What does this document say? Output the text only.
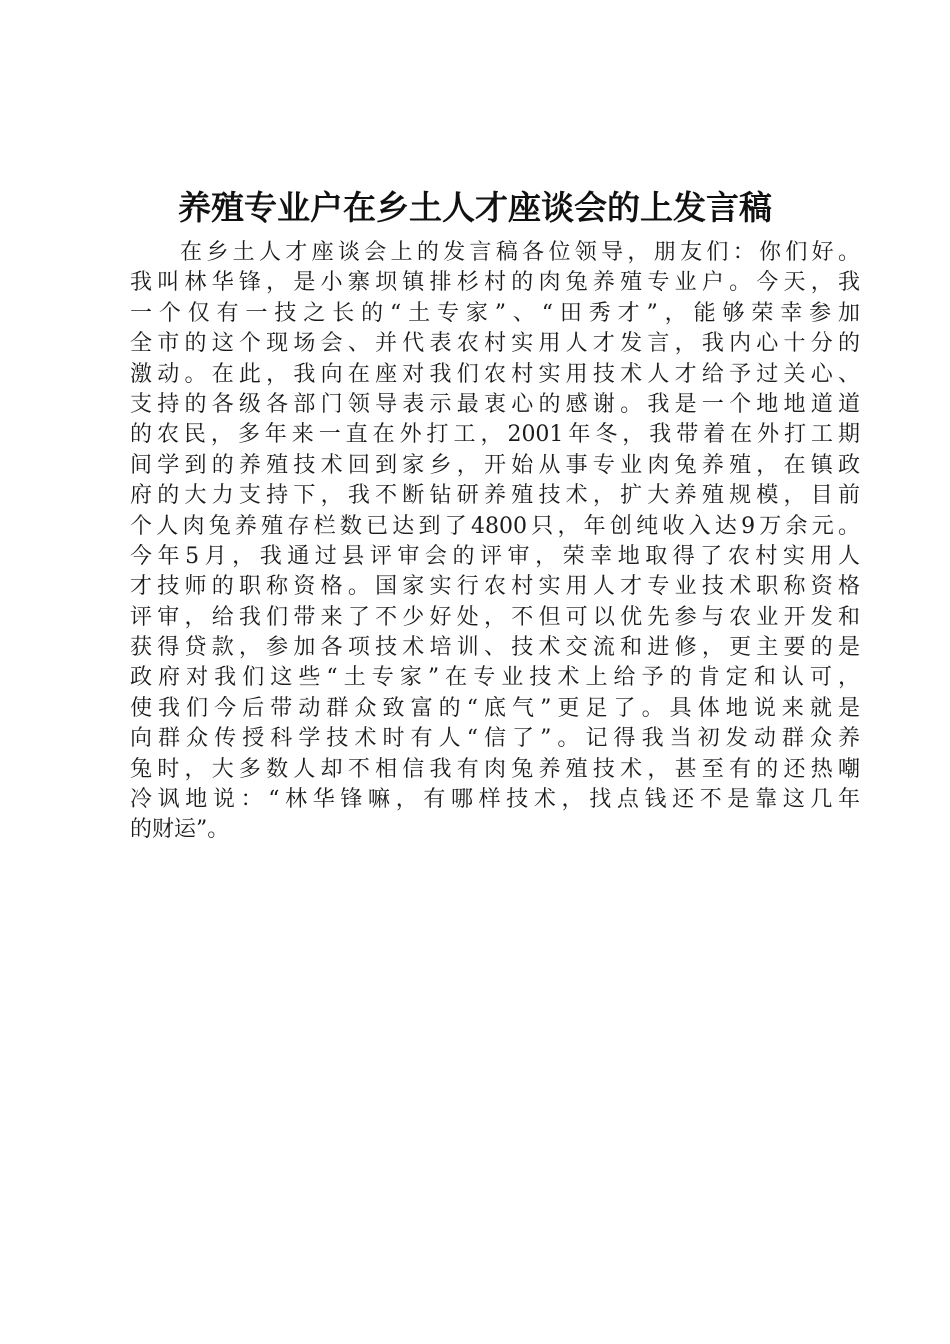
养殖专业户在乡土人才座谈会的上发言稿
在乡土人才座谈会上的发言稿各位领导，朋友们：你们好。
我叫林华锋，是小寨坝镇排杉村的肉兔养殖专业户。今天，我
一个仅有一技之长的“土专家”、“田秀才”，能够荣幸参加
全市的这个现场会、并代表农村实用人才发言，我内心十分的
激动。在此，我向在座对我们农村实用技术人才给予过关心、
支持的各级各部门领导表示最衷心的感谢。我是一个地地道道
的农民，多年来一直在外打工，2001年冬，我带着在外打工期
间学到的养殖技术回到家乡，开始从事专业肉兔养殖，在镇政
府的大力支持下，我不断钻研养殖技术，扩大养殖规模，目前
个人肉兔养殖存栏数已达到了4800只，年创纯收入达9万余元。
今年5月，我通过县评审会的评审，荣幸地取得了农村实用人
才技师的职称资格。国家实行农村实用人才专业技术职称资格
评审，给我们带来了不少好处，不但可以优先参与农业开发和
获得贷款，参加各项技术培训、技术交流和进修，更主要的是
政府对我们这些“土专家”在专业技术上给予的肯定和认可，
使我们今后带动群众致富的“底气”更足了。具体地说来就是
向群众传授科学技术时有人“信了”。记得我当初发动群众养
兔时，大多数人却不相信我有肉兔养殖技术，甚至有的还热嘲
冷讽地说：“林华锋嘛，有哪样技术，找点钱还不是靠这几年
的财运”。
